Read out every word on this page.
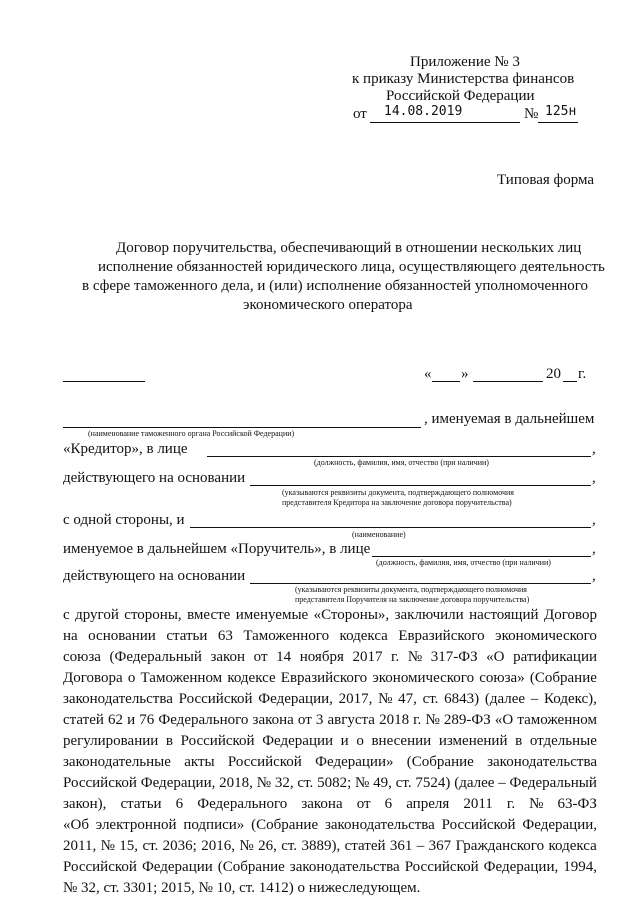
Приложение № 3
к приказу Министерства финансов
Российской Федерации
от 14.08.2019	№ 125н
Типовая форма
Договор поручительства, обеспечивающий в отношении нескольких лиц
исполнение обязанностей юридического лица, осуществляющего деятельность
в сфере таможенного дела, и (или) исполнение обязанностей уполномоченного
экономического оператора
« »	20 г.
, именуемая в дальнейшем
(наименование таможенного органа Российской Федерации)
«Кредитор», в лице	,
(должность, фамилия, имя, отчество (при наличии)
действующего на основании	,
(указываются реквизиты документа, подтверждающего полномочия
представителя Кредитора на заключение договора поручительства)
с одной стороны, и	,
(наименование)
именуемое в дальнейшем «Поручитель», в лице	,
(должность, фамилия, имя, отчество (при наличии)
действующего на основании	,
(указываются реквизиты документа, подтверждающего полномочия
представителя Поручителя на заключение договора поручительства)
с другой стороны, вместе именуемые «Стороны», заключили настоящий Договор
на основании статьи 63 Таможенного кодекса Евразийского экономического
союза (Федеральный закон от 14 ноября 2017 г. № 317-ФЗ «О ратификации
Договора о Таможенном кодексе Евразийского экономического союза» (Собрание
законодательства Российской Федерации, 2017, № 47, ст. 6843) (далее – Кодекс),
статей 62 и 76 Федерального закона от 3 августа 2018 г. № 289-ФЗ «О таможенном
регулировании в Российской Федерации и о внесении изменений в отдельные
законодательные акты Российской Федерации» (Собрание законодательства
Российской Федерации, 2018, № 32, ст. 5082; № 49, ст. 7524) (далее – Федеральный
закон), статьи 6 Федерального закона от 6 апреля 2011 г. № 63-ФЗ
«Об электронной подписи» (Собрание законодательства Российской Федерации,
2011, № 15, ст. 2036; 2016, № 26, ст. 3889), статей 361 – 367 Гражданского кодекса
Российской Федерации (Собрание законодательства Российской Федерации, 1994,
№ 32, ст. 3301; 2015, № 10, ст. 1412) о нижеследующем.
